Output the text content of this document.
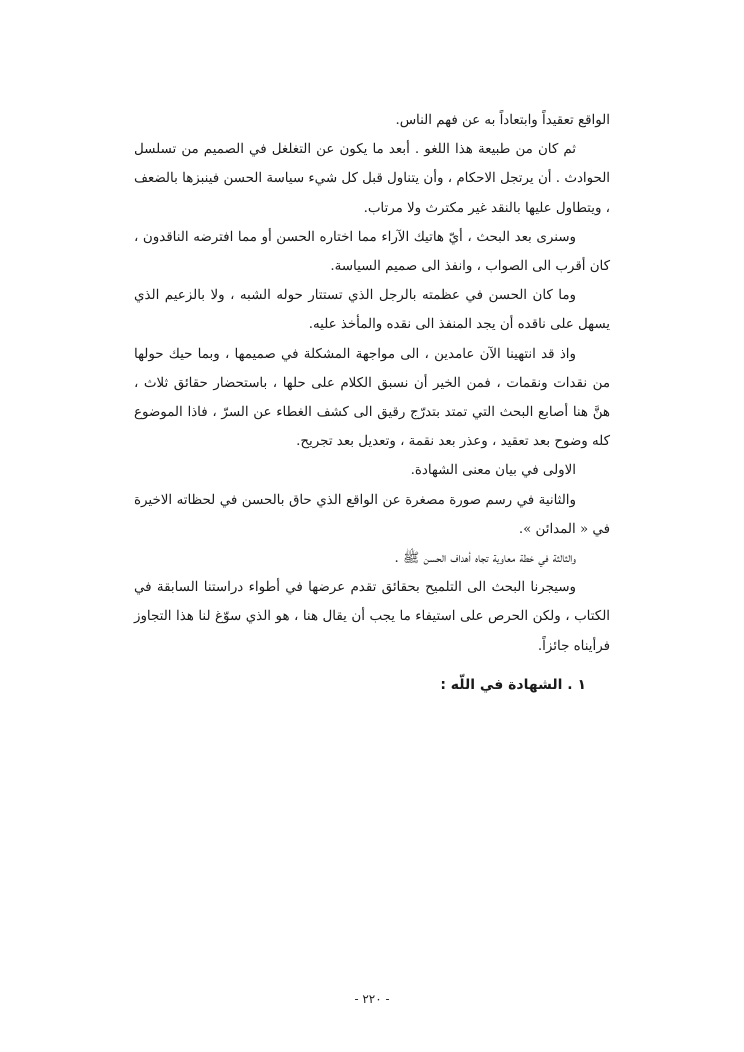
الواقع تعقيداً وابتعاداً به عن فهم الناس.

ثم كان من طبيعة هذا اللغو . أبعد ما يكون عن التغلغل في الصميم من تسلسل الحوادث . أن يرتجل الاحكام ، وأن يتناول قبل كل شيء سياسة الحسن فينبزها بالضعف ، ويتطاول عليها بالنقد غير مكترث ولا مرتاب.

وسنرى بعد البحث ، أيّ هاتيك الآراء مما اختاره الحسن أو مما افترضه الناقدون ، كان أقرب الى الصواب ، وانفذ الى صميم السياسة.

وما كان الحسن في عظمته بالرجل الذي تستتار حوله الشبه ، ولا بالزعيم الذي يسهل على ناقده أن يجد المنفذ الى نقده والمأخذ عليه.

واذ قد انتهينا الآن عامدين ، الى مواجهة المشكلة في صميمها ، وبما حيك حولها من نقدات ونقمات ، فمن الخير أن نسبق الكلام على حلها ، باستحضار حقائق ثلاث ، هنَّ هنا أصابع البحث التي تمتد بتدرّج رقيق الى كشف الغطاء عن السرّ ، فاذا الموضوع كله وضوح بعد تعقيد ، وعذر بعد نقمة ، وتعديل بعد تجريح.

الاولى في بيان معنى الشهادة.

والثانية في رسم صورة مصغرة عن الواقع الذي حاق بالحسن في لحظاته الاخيرة في « المدائن ».

والثالثة في خطة معاوية تجاه أهداف الحسن ﷺ .

وسيجرنا البحث الى التلميح بحقائق تقدم عرضها في أطواء دراستنا السابقة في الكتاب ، ولكن الحرص على استيفاء ما يجب أن يقال هنا ، هو الذي سوّغ لنا هذا التجاوز فرأيناه جائزاً.

١ . الشهادة في اللّه :
- ٢٢٠ -
